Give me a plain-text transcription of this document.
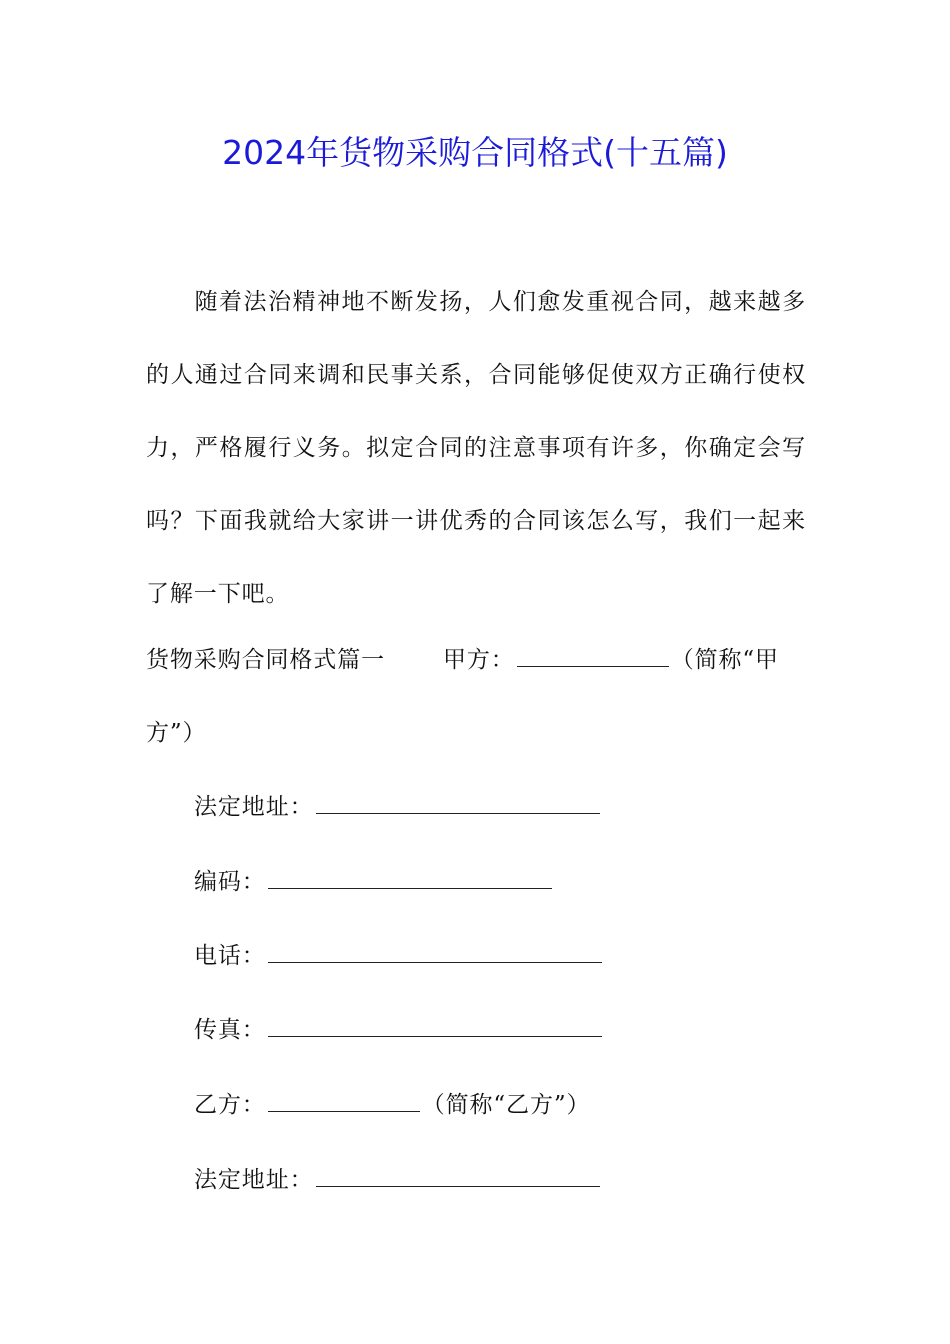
2024年货物采购合同格式(十五篇)
随着法治精神地不断发扬，人们愈发重视合同，越来越多的人通过合同来调和民事关系，合同能够促使双方正确行使权力，严格履行义务。拟定合同的注意事项有许多，你确定会写吗？下面我就给大家讲一讲优秀的合同该怎么写，我们一起来了解一下吧。
货物采购合同格式篇一	甲方：	（简称“甲
方”）
法定地址：
编码：
电话：
传真：
乙方：	（简称“乙方”）
法定地址：
